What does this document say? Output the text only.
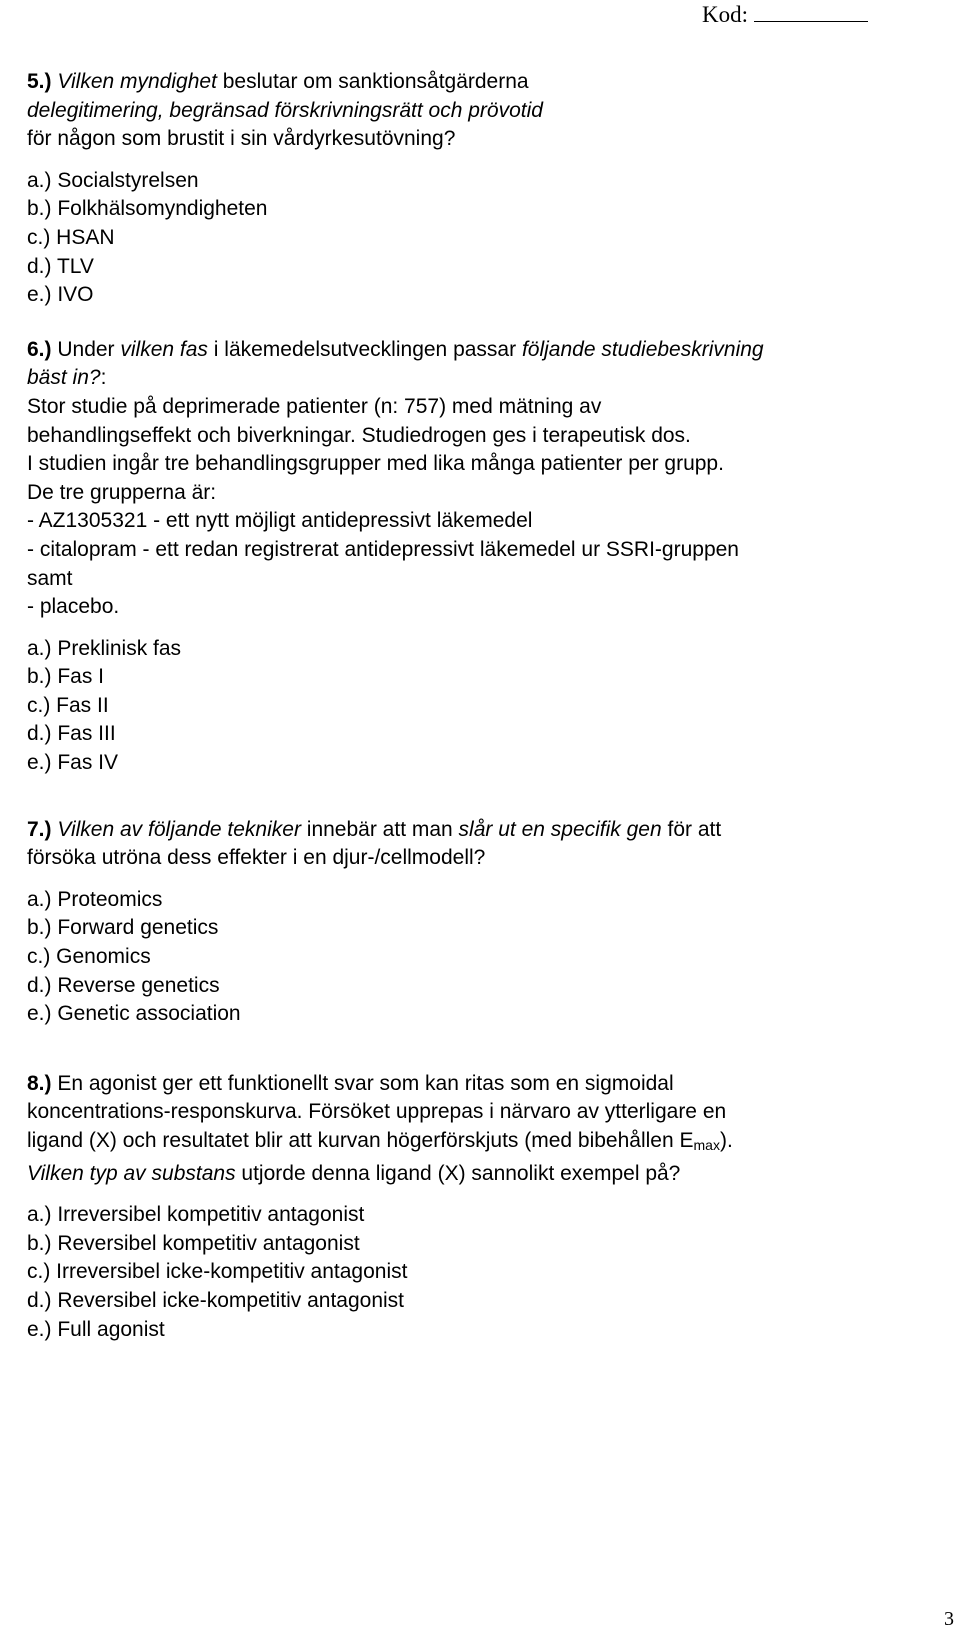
Kod:
5.) Vilken myndighet beslutar om sanktionsåtgärderna
delegitimering, begränsad förskrivningsrätt och prövotid
för någon som brustit i sin vårdyrkesutövning?
a.) Socialstyrelsen
b.) Folkhälsomyndigheten
c.) HSAN
d.) TLV
e.) IVO
6.) Under vilken fas i läkemedelsutvecklingen passar följande studiebeskrivning
bäst in?:
Stor studie på deprimerade patienter (n: 757) med mätning av
behandlingseffekt och biverkningar. Studiedrogen ges i terapeutisk dos.
I studien ingår tre behandlingsgrupper med lika många patienter per grupp.
De tre grupperna är:
- AZ1305321 - ett nytt möjligt antidepressivt läkemedel
- citalopram - ett redan registrerat antidepressivt läkemedel ur SSRI-gruppen
samt
- placebo.
a.) Preklinisk fas
b.) Fas I
c.) Fas II
d.) Fas III
e.) Fas IV
7.) Vilken av följande tekniker innebär att man slår ut en specifik gen för att
försöka utröna dess effekter i en djur-/cellmodell?
a.) Proteomics
b.) Forward genetics
c.) Genomics
d.) Reverse genetics
e.) Genetic association
8.) En agonist ger ett funktionellt svar som kan ritas som en sigmoidal
koncentrations-responskurva. Försöket upprepas i närvaro av ytterligare en
ligand (X) och resultatet blir att kurvan högerförskjuts (med bibehållen $E_{max}$).
Vilken typ av substans utjorde denna ligand (X) sannolikt exempel på?
a.) Irreversibel kompetitiv antagonist
b.) Reversibel kompetitiv antagonist
c.) Irreversibel icke-kompetitiv antagonist
d.) Reversibel icke-kompetitiv antagonist
e.) Full agonist
3
